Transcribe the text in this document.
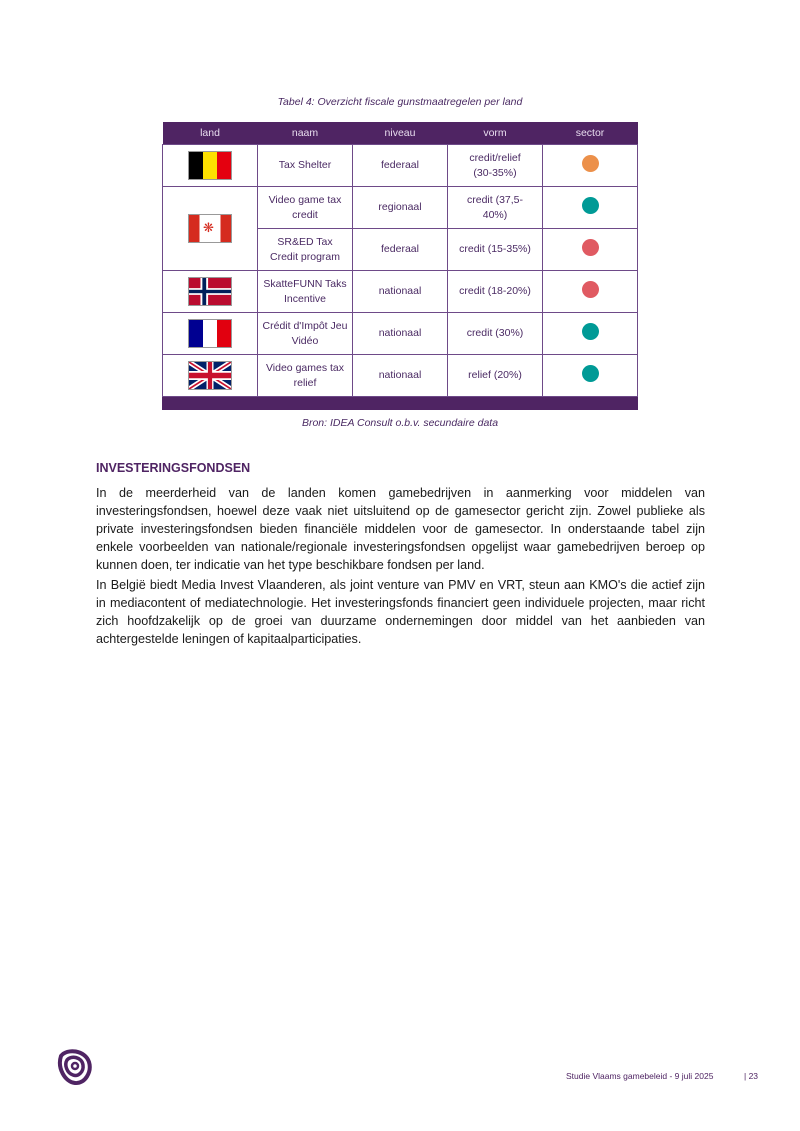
Tabel 4: Overzicht fiscale gunstmaatregelen per land
land	naam	niveau	vorm	sector
	Tax Shelter	federaal	credit/relief (30-35%)	

❋	Video game tax credit	regionaal	credit (37,5-40%)	
	SR&ED Tax Credit program	federaal	credit (15-35%)	
	SkatteFUNN Taks Incentive	nationaal	credit (18-20%)	
	Crédit d'Impôt Jeu Vidéo	nationaal	credit (30%)	
	Video games tax relief	nationaal	relief (20%)	

Bron: IDEA Consult o.b.v. secundaire data
INVESTERINGSFONDSEN

In de meerderheid van de landen komen gamebedrijven in aanmerking voor middelen van investeringsfondsen, hoewel deze vaak niet uitsluitend op de gamesector gericht zijn. Zowel publieke als private investeringsfondsen bieden financiële middelen voor de gamesector. In onderstaande tabel zijn enkele voorbeelden van nationale/regionale investeringsfondsen opgelijst waar gamebedrijven beroep op kunnen doen, ter indicatie van het type beschikbare fondsen per land.

In België biedt Media Invest Vlaanderen, als joint venture van PMV en VRT, steun aan KMO's die actief zijn in mediacontent of mediatechnologie. Het investeringsfonds financiert geen individuele projecten, maar richt zich hoofdzakelijk op de groei van duurzame ondernemingen door middel van het aanbieden van achtergestelde leningen of kapitaalparticipaties.

Studie Vlaams gamebeleid - 9 juli 2025	| 23
